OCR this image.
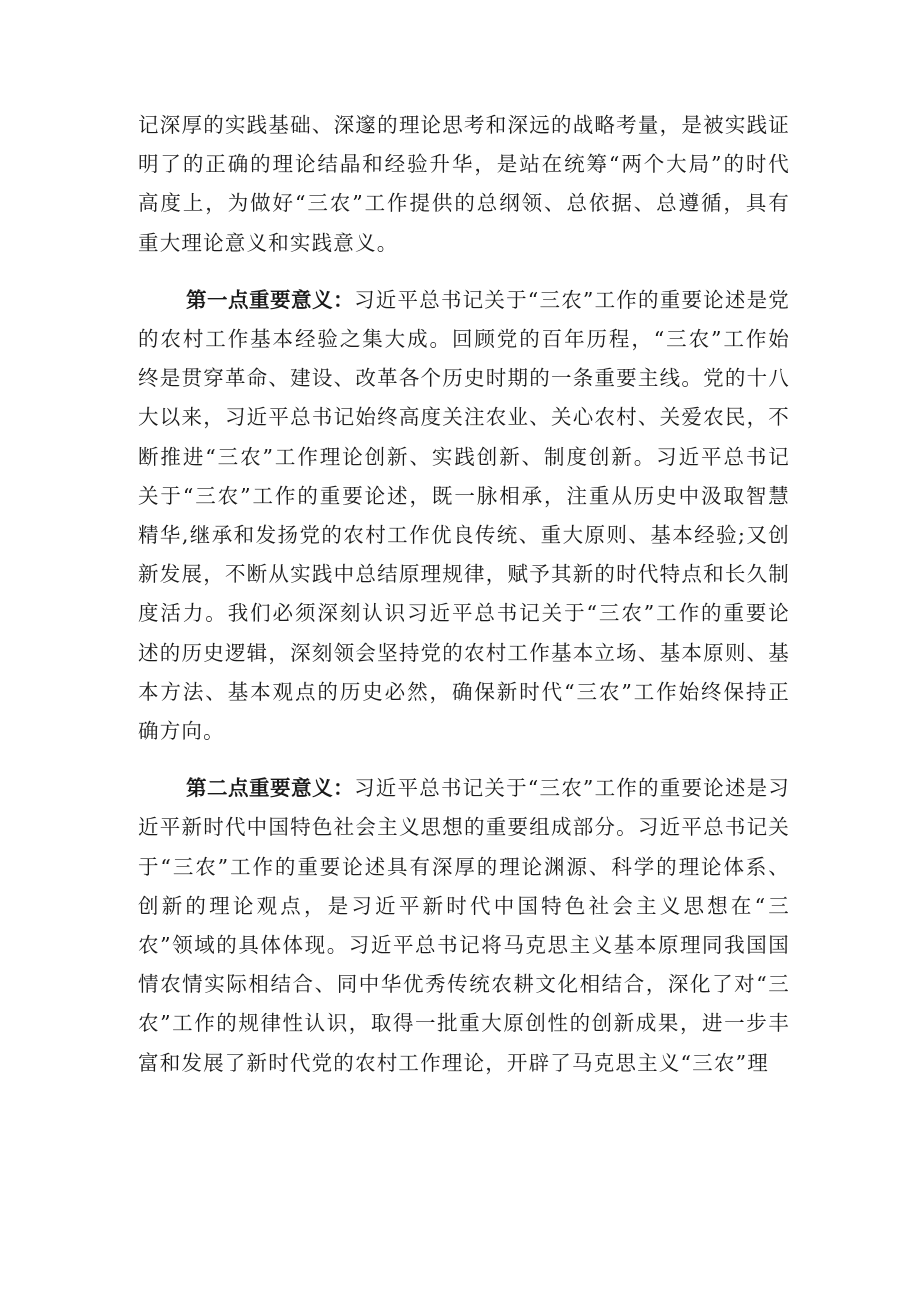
记深厚的实践基础、深邃的理论思考和深远的战略考量，是被实践证明了的正确的理论结晶和经验升华，是站在统筹“两个大局”的时代高度上，为做好“三农”工作提供的总纲领、总依据、总遵循，具有重大理论意义和实践意义。

第一点重要意义：习近平总书记关于“三农”工作的重要论述是党的农村工作基本经验之集大成。回顾党的百年历程，“三农”工作始终是贯穿革命、建设、改革各个历史时期的一条重要主线。党的十八大以来，习近平总书记始终高度关注农业、关心农村、关爱农民，不断推进“三农”工作理论创新、实践创新、制度创新。习近平总书记关于“三农”工作的重要论述，既一脉相承，注重从历史中汲取智慧精华,继承和发扬党的农村工作优良传统、重大原则、基本经验;又创新发展，不断从实践中总结原理规律，赋予其新的时代特点和长久制度活力。我们必须深刻认识习近平总书记关于“三农”工作的重要论述的历史逻辑，深刻领会坚持党的农村工作基本立场、基本原则、基本方法、基本观点的历史必然，确保新时代“三农”工作始终保持正确方向。

第二点重要意义：习近平总书记关于“三农”工作的重要论述是习近平新时代中国特色社会主义思想的重要组成部分。习近平总书记关于“三农”工作的重要论述具有深厚的理论渊源、科学的理论体系、创新的理论观点，是习近平新时代中国特色社会主义思想在“三农”领域的具体体现。习近平总书记将马克思主义基本原理同我国国情农情实际相结合、同中华优秀传统农耕文化相结合，深化了对“三农”工作的规律性认识，取得一批重大原创性的创新成果，进一步丰富和发展了新时代党的农村工作理论，开辟了马克思主义“三农”理
